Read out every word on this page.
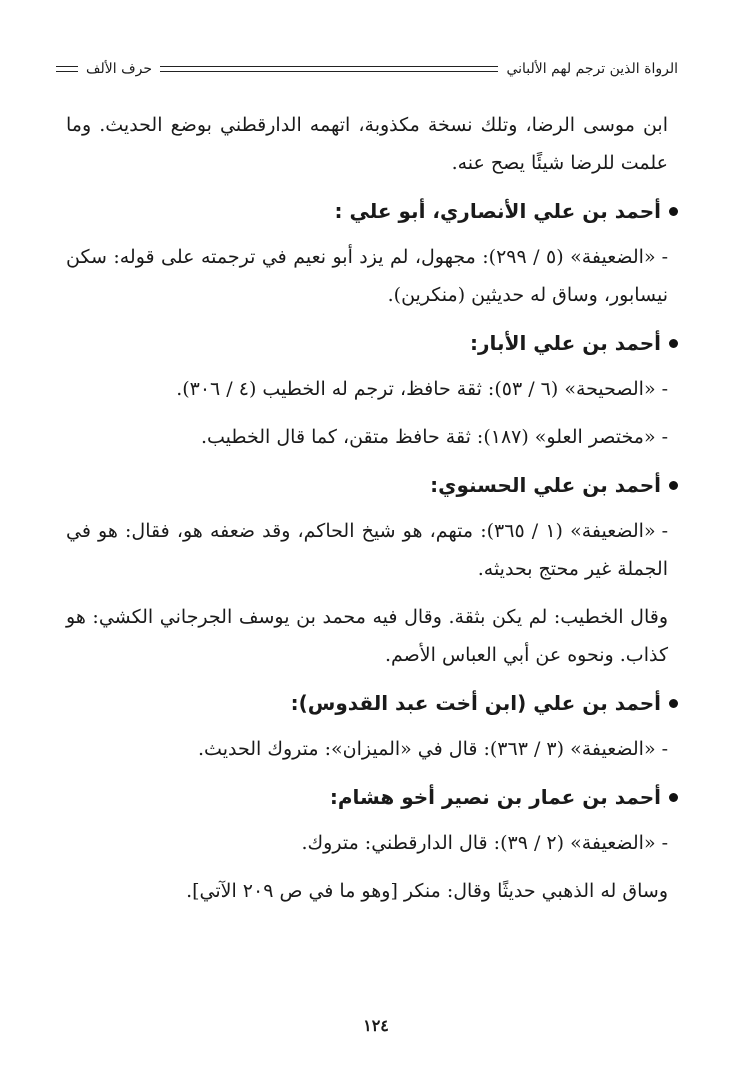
الرواة الذين ترجم لهم الألباني
حرف الألف

ابن موسى الرضا، وتلك نسخة مكذوبة، اتهمه الدارقطني بوضع الحديث. وما علمت للرضا شيئًا يصح عنه.

أحمد بن علي الأنصاري، أبو علي :

-«الضعيفة» (٥ / ٢٩٩): مجهول، لم يزد أبو نعيم في ترجمته على قوله: سكن نيسابور، وساق له حديثين (منكرين).

أحمد بن علي الأبار:

-«الصحيحة» (٦ / ٥٣): ثقة حافظ، ترجم له الخطيب (٤ / ٣٠٦).

-«مختصر العلو» (١٨٧): ثقة حافظ متقن، كما قال الخطيب.

أحمد بن علي الحسنوي:

-«الضعيفة» (١ / ٣٦٥): متهم، هو شيخ الحاكم، وقد ضعفه هو، فقال: هو في الجملة غير محتج بحديثه.

وقال الخطيب: لم يكن بثقة. وقال فيه محمد بن يوسف الجرجاني الكشي: هو كذاب. ونحوه عن أبي العباس الأصم.

أحمد بن علي (ابن أخت عبد القدوس):

-«الضعيفة» (٣ / ٣٦٣): قال في «الميزان»: متروك الحديث.

أحمد بن عمار بن نصير أخو هشام:

-«الضعيفة» (٢ / ٣٩): قال الدارقطني: متروك.

وساق له الذهبي حديثًا وقال: منكر [وهو ما في ص ٢٠٩ الآتي].

١٢٤
